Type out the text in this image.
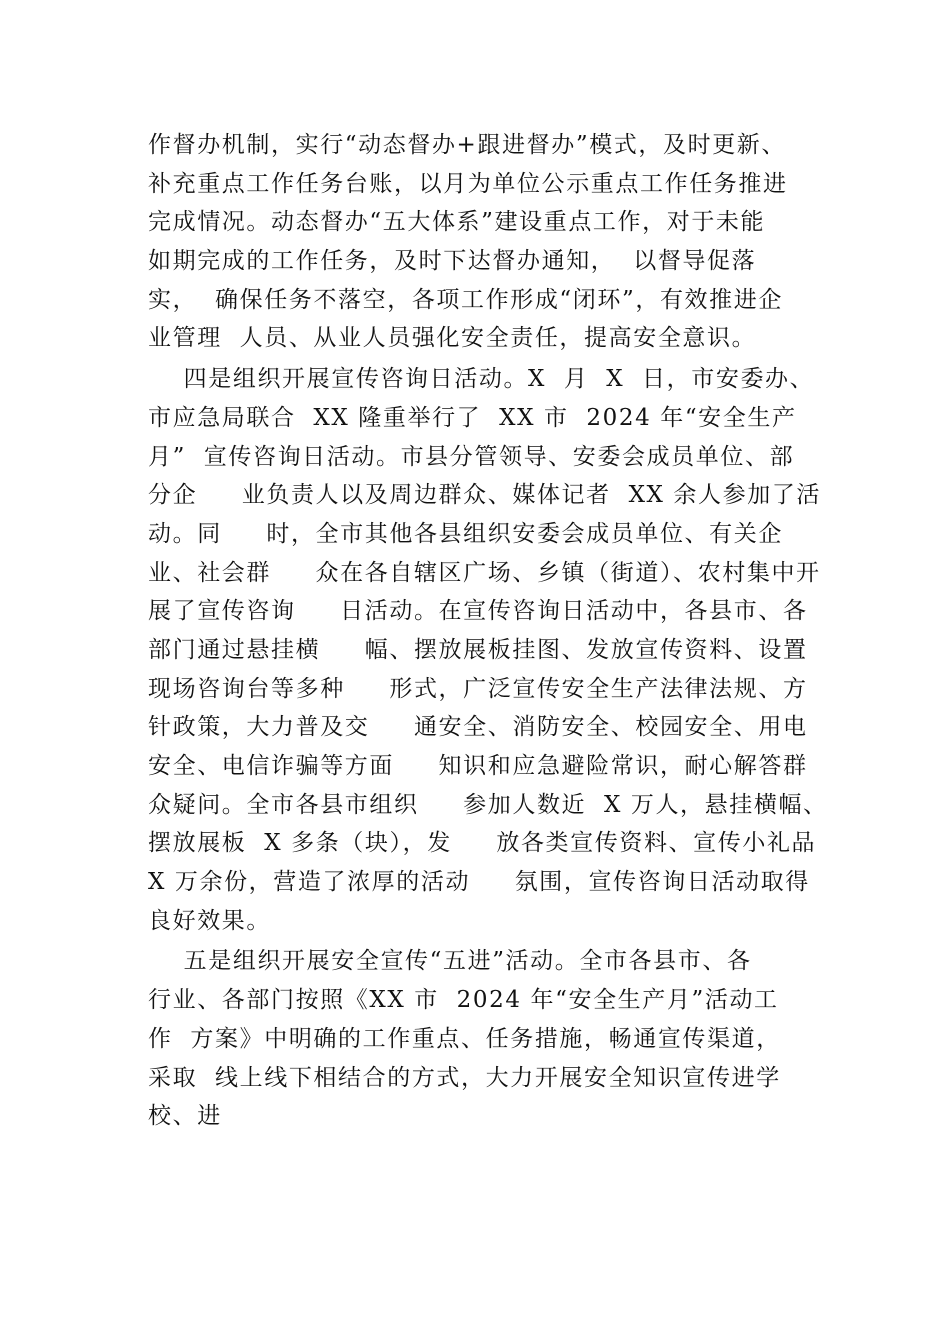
作督办机制，实行“动态督办+跟进督办”模式，及时更新、
补充重点工作任务台账，以月为单位公示重点工作任务推进
完成情况。动态督办“五大体系”建设重点工作，对于未能
如期完成的工作任务，及时下达督办通知，  以督导促落
实，  确保任务不落空，各项工作形成“闭环”，有效推进企
业管理  人员、从业人员强化安全责任，提高安全意识。
四是组织开展宣传咨询日活动。X  月  X  日，市安委办、
市应急局联合  XX 隆重举行了  XX 市  2024 年“安全生产
月”  宣传咨询日活动。市县分管领导、安委会成员单位、部
分企     业负责人以及周边群众、媒体记者  XX 余人参加了活
动。同     时，全市其他各县组织安委会成员单位、有关企
业、社会群     众在各自辖区广场、乡镇（街道）、农村集中开
展了宣传咨询     日活动。在宣传咨询日活动中，各县市、各
部门通过悬挂横     幅、摆放展板挂图、发放宣传资料、设置
现场咨询台等多种     形式，广泛宣传安全生产法律法规、方
针政策，大力普及交     通安全、消防安全、校园安全、用电
安全、电信诈骗等方面     知识和应急避险常识，耐心解答群
众疑问。全市各县市组织     参加人数近  X 万人，悬挂横幅、
摆放展板  X 多条（块），发     放各类宣传资料、宣传小礼品
X 万余份，营造了浓厚的活动     氛围，宣传咨询日活动取得
良好效果。
五是组织开展安全宣传“五进”活动。全市各县市、各
行业、各部门按照《XX 市  2024 年“安全生产月”活动工
作  方案》中明确的工作重点、任务措施，畅通宣传渠道，
采取  线上线下相结合的方式，大力开展安全知识宣传进学
校、进
